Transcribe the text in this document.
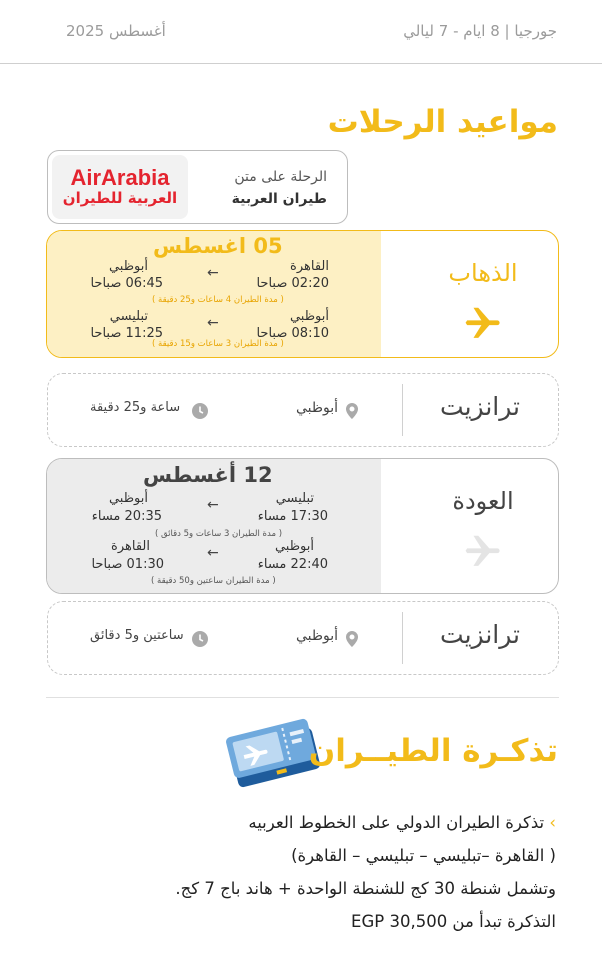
أغسطس 2025	جورجيا | 8 ايام - 7 ليالي
مواعيد الرحلات
AirArabia
العربية للطيران
الرحلة على متن
طيران العربية
الذهاب
05 اغسطس
القاهرة
02:20 صباحا
←
أبوظبي
06:45 صباحا
( مدة الطيران 4 ساعات و25 دقيقة )
أبوظبي
08:10 صباحا
←
تبليسي
11:25 صباحا
( مدة الطيران 3 ساعات و15 دقيقة )
ترانزيت
أبوظبي
ساعة و25 دقيقة
العودة
12 أغسطس
تبليسي
17:30 مساء
←
أبوظبي
20:35 مساء
( مدة الطيران 3 ساعات و5 دقائق )
أبوظبي
22:40 مساء
←
القاهرة
01:30 صباحا
( مدة الطيران ساعتين و50 دقيقة )
ترانزيت
أبوظبي
ساعتين و5 دقائق
تذكـرة الطيــران
› تذكرة الطيران الدولي على الخطوط العربيه
( القاهرة –تبليسي – تبليسي – القاهرة)
وتشمل شنطة 30 كج للشنطة الواحدة + هاند باج 7 كج.
التذكرة تبدأ من EGP 30,500
